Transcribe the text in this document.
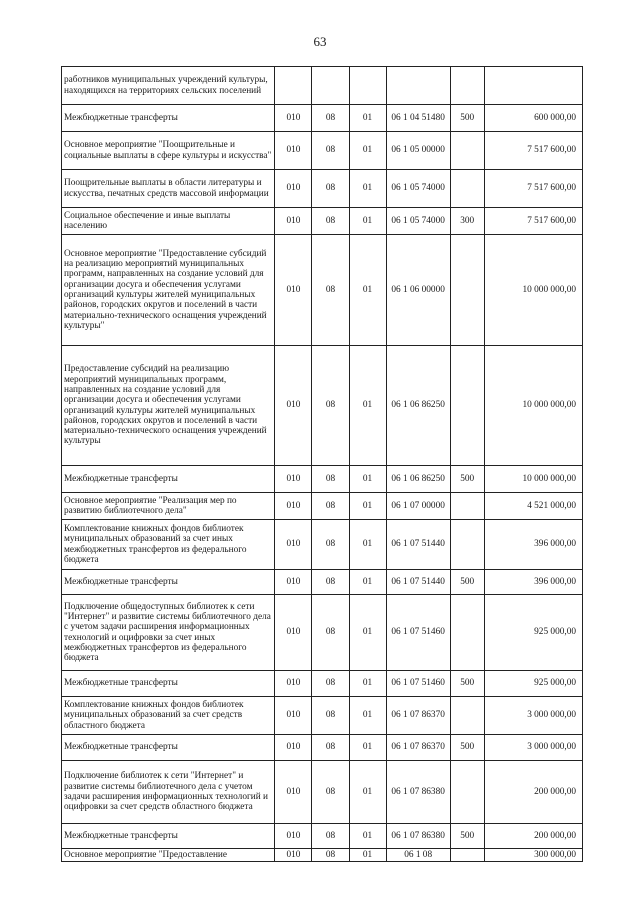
63
работников муниципальных учреждений культуры, находящихся на территориях сельских поселений						
Межбюджетные трансферты	010	08	01	06 1 04 51480	500	600 000,00
Основное мероприятие "Поощрительные и социальные выплаты в сфере культуры и искусства"	010	08	01	06 1 05 00000		7 517 600,00
Поощрительные выплаты в области литературы и искусства, печатных средств массовой информации	010	08	01	06 1 05 74000		7 517 600,00
Социальное обеспечение и иные выплаты населению	010	08	01	06 1 05 74000	300	7 517 600,00
Основное мероприятие "Предоставление субсидий на реализацию мероприятий муниципальных программ, направленных на создание условий для организации досуга и обеспечения услугами организаций культуры жителей муниципальных районов, городских округов и поселений в части материально-технического оснащения учреждений культуры"	010	08	01	06 1 06 00000		10 000 000,00
Предоставление субсидий на реализацию мероприятий муниципальных программ, направленных на создание условий для организации досуга и обеспечения услугами организаций культуры жителей муниципальных районов, городских округов и поселений в части материально-технического оснащения учреждений культуры	010	08	01	06 1 06 86250		10 000 000,00
Межбюджетные трансферты	010	08	01	06 1 06 86250	500	10 000 000,00
Основное мероприятие "Реализация мер по развитию библиотечного дела"	010	08	01	06 1 07 00000		4 521 000,00
Комплектование книжных фондов библиотек муниципальных образований за счет иных межбюджетных трансфертов из федерального бюджета	010	08	01	06 1 07 51440		396 000,00
Межбюджетные трансферты	010	08	01	06 1 07 51440	500	396 000,00
Подключение общедоступных библиотек к сети "Интернет" и развитие системы библиотечного дела с учетом задачи расширения информационных технологий и оцифровки за счет иных межбюджетных трансфертов из федерального бюджета	010	08	01	06 1 07 51460		925 000,00
Межбюджетные трансферты	010	08	01	06 1 07 51460	500	925 000,00
Комплектование книжных фондов библиотек муниципальных образований за счет средств областного бюджета	010	08	01	06 1 07 86370		3 000 000,00
Межбюджетные трансферты	010	08	01	06 1 07 86370	500	3 000 000,00
Подключение библиотек к сети "Интернет" и развитие системы библиотечного дела с учетом задачи расширения информационных технологий и оцифровки за счет средств областного бюджета	010	08	01	06 1 07 86380		200 000,00
Межбюджетные трансферты	010	08	01	06 1 07 86380	500	200 000,00
Основное мероприятие "Предоставление	010	08	01	06 1 08		300 000,00
